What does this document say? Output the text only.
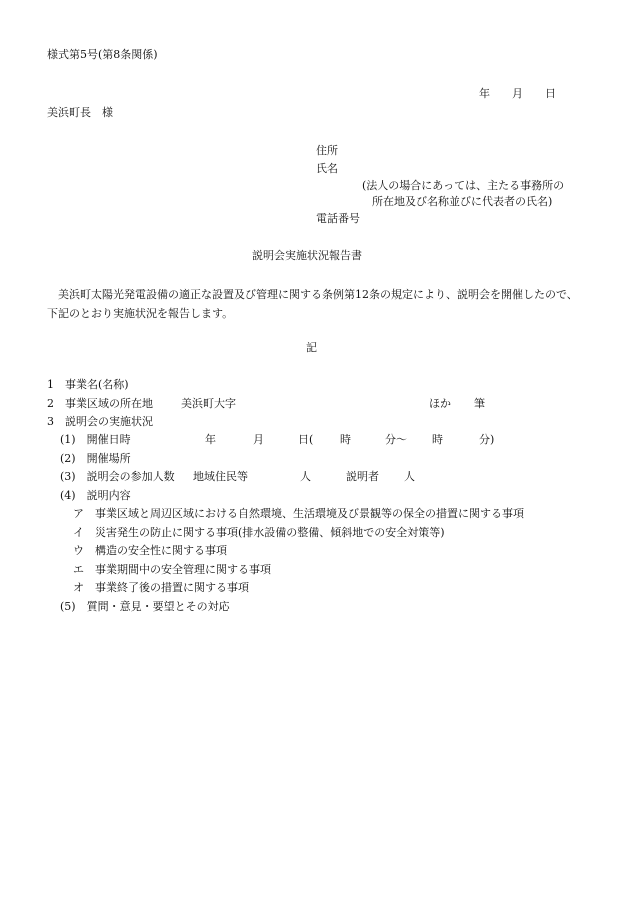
様式第5号(第8条関係)
年 月 日
美浜町長　様
住所
氏名
(法人の場合にあっては、主たる事務所の
所在地及び名称並びに代表者の氏名)
電話番号
説明会実施状況報告書
美浜町太陽光発電設備の適正な設置及び管理に関する条例第12条の規定により、説明会を開催したので、下記のとおり実施状況を報告します。
記
1　事業名(名称)
2　事業区域の所在地	美浜町大字	ほか 筆
3　説明会の実施状況
(1)　開催日時	年	月	日( 時	分～ 時	分)
(2)　開催場所
(3)　説明会の参加人数 地域住民等	人	説明者 人
(4)　説明内容
ア　事業区域と周辺区域における自然環境、生活環境及び景観等の保全の措置に関する事項
イ　災害発生の防止に関する事項(排水設備の整備、傾斜地での安全対策等)
ウ　構造の安全性に関する事項
エ　事業期間中の安全管理に関する事項
オ　事業終了後の措置に関する事項
(5)　質問・意見・要望とその対応
